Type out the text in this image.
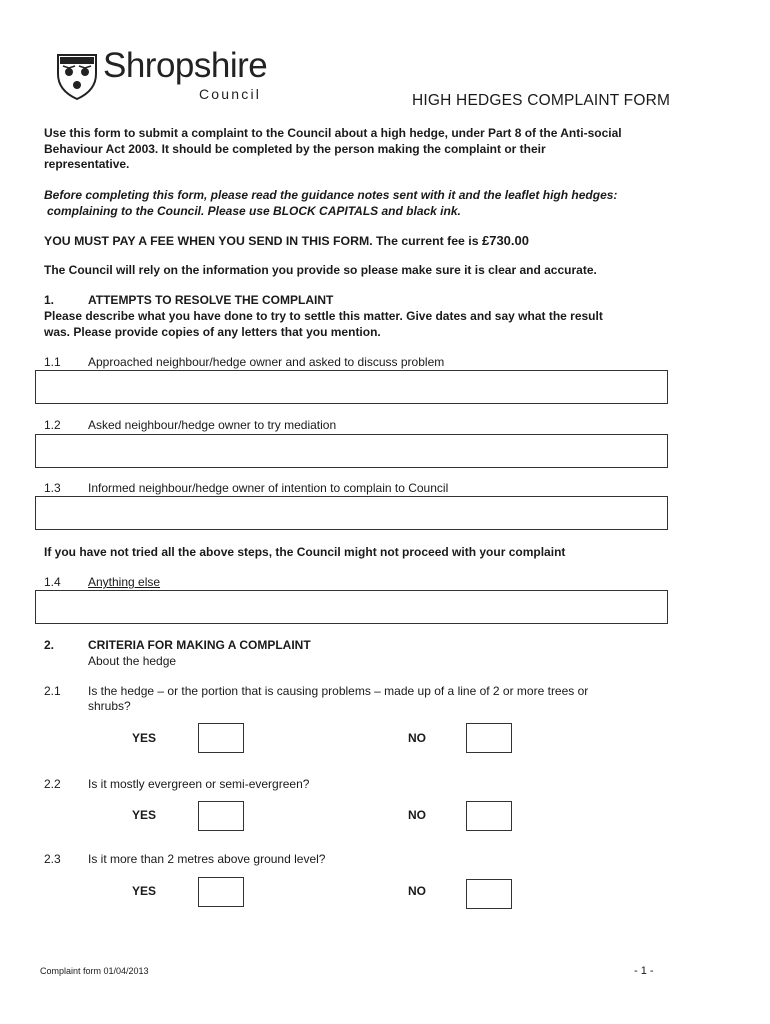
Shropshire
Council	HIGH HEDGES COMPLAINT FORM
Use this form to submit a complaint to the Council about a high hedge, under Part 8 of the Anti-social
Behaviour Act 2003. It should be completed by the person making the complaint or their
representative.
Before completing this form, please read the guidance notes sent with it and the leaflet high hedges:
complaining to the Council. Please use BLOCK CAPITALS and black ink.
YOU MUST PAY A FEE WHEN YOU SEND IN THIS FORM. The current fee is £730.00
The Council will rely on the information you provide so please make sure it is clear and accurate.
1.	ATTEMPTS TO RESOLVE THE COMPLAINT
Please describe what you have done to try to settle this matter. Give dates and say what the result
was. Please provide copies of any letters that you mention.
1.1 Approached neighbour/hedge owner and asked to discuss problem
1.2 Asked neighbour/hedge owner to try mediation
1.3 Informed neighbour/hedge owner of intention to complain to Council
If you have not tried all the above steps, the Council might not proceed with your complaint
1.4 Anything else
2.	CRITERIA FOR MAKING A COMPLAINT
About the hedge
2.1 Is the hedge – or the portion that is causing problems – made up of a line of 2 or more trees or
shrubs?
YES	NO
2.2 Is it mostly evergreen or semi-evergreen?
YES	NO
2.3 Is it more than 2 metres above ground level?
YES	NO
Complaint form 01/04/2013	- 1 -
